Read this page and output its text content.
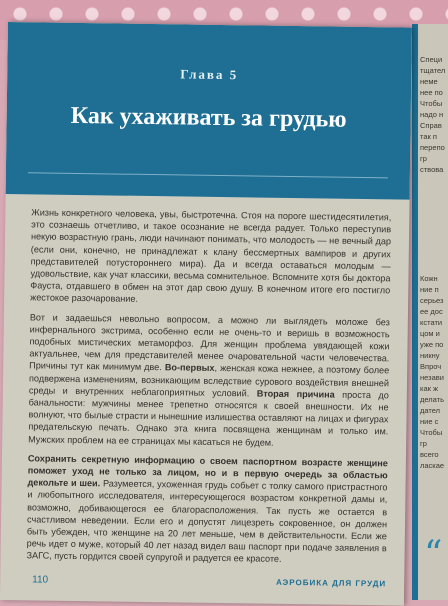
Специ
тщател
неме
нее по
Чтобы
надо н
Справ
так п
перепо
гр
ствова
Кожн
ние п
серьез
ее дос
кстати
цом и
уже по
никну
Впроч
незави
как ж
делать
дател
ние с
Чтобы
гр
всего
ласкае
Глава 5
Как ухаживать за грудью

Жизнь конкретного человека, увы, быстротечна. Стоя на пороге шестидесятилетия, это сознаешь отчетливо, и такое осознание не всегда радует. Только переступив некую возрастную грань, люди начинают понимать, что молодость — не вечный дар (если они, конечно, не принадлежат к клану бессмертных вампиров и других представителей потустороннего мира). Да и всегда оставаться молодым — удовольствие, как учат классики, весьма сомнительное. Вспомните хотя бы доктора Фауста, отдавшего в обмен на этот дар свою душу. В конечном итоге его постигло жестокое разочарование.

Вот и задаешься невольно вопросом, а можно ли выглядеть моложе без инфернального экстрима, особенно если не очень-то и веришь в возможность подобных мистических метаморфоз. Для женщин проблема увядающей кожи актуальнее, чем для представителей менее очаровательной части человечества. Причины тут как минимум две. Во-первых, женская кожа нежнее, а поэтому более подвержена изменениям, возникающим вследствие сурового воздействия внешней среды и внутренних неблагоприятных условий. Вторая причина проста до банальности: мужчины менее трепетно относятся к своей внешности. Их не волнуют, что былые страсти и нынешние излишества оставляют на лицах и фигурах предательскую печать. Однако эта книга посвящена женщинам и только им. Мужских проблем на ее страницах мы касаться не будем.

Сохранить секретную информацию о своем паспортном возрасте женщине поможет уход не только за лицом, но и в первую очередь за областью декольте и шеи. Разумеется, ухоженная грудь собьет с толку самого пристрастного и любопытного исследователя, интересующегося возрастом конкретной дамы и, возможно, добивающегося ее благорасположения. Так пусть же остается в счастливом неведении. Если его и допустят лицезреть сокровенное, он должен быть убежден, что женщине на 20 лет меньше, чем в действительности. Если же речь идет о муже, который 40 лет назад видел ваш паспорт при подаче заявления в ЗАГС, пусть гордится своей супругой и радуется ее красоте.

110	АЭРОБИКА ДЛЯ ГРУДИ
“
